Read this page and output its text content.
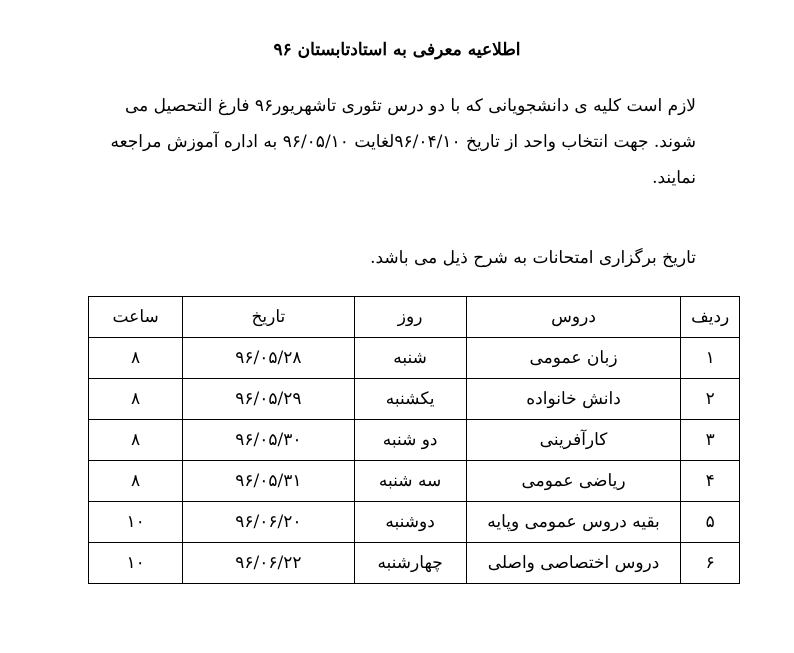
اطلاعیه معرفی به استادتابستان ۹۶
لازم است کلیه ی دانشجویانی که با دو درس تئوری تاشهریور۹۶ فارغ التحصیل می شوند. جهت انتخاب واحد از تاریخ ۹۶/۰۴/۱۰لغایت ۹۶/۰۵/۱۰ به اداره آموزش مراجعه نمایند.
تاریخ برگزاری امتحانات به شرح ذیل می باشد.
ردیف	دروس	روز	تاریخ	ساعت
۱	زبان عمومی	شنبه	۹۶/۰۵/۲۸	۸
۲	دانش خانواده	یکشنبه	۹۶/۰۵/۲۹	۸
۳	کارآفرینی	دو شنبه	۹۶/۰۵/۳۰	۸
۴	ریاضی عمومی	سه شنبه	۹۶/۰۵/۳۱	۸
۵	بقیه دروس عمومی وپایه	دوشنبه	۹۶/۰۶/۲۰	۱۰
۶	دروس اختصاصی واصلی	چهارشنبه	۹۶/۰۶/۲۲	۱۰
